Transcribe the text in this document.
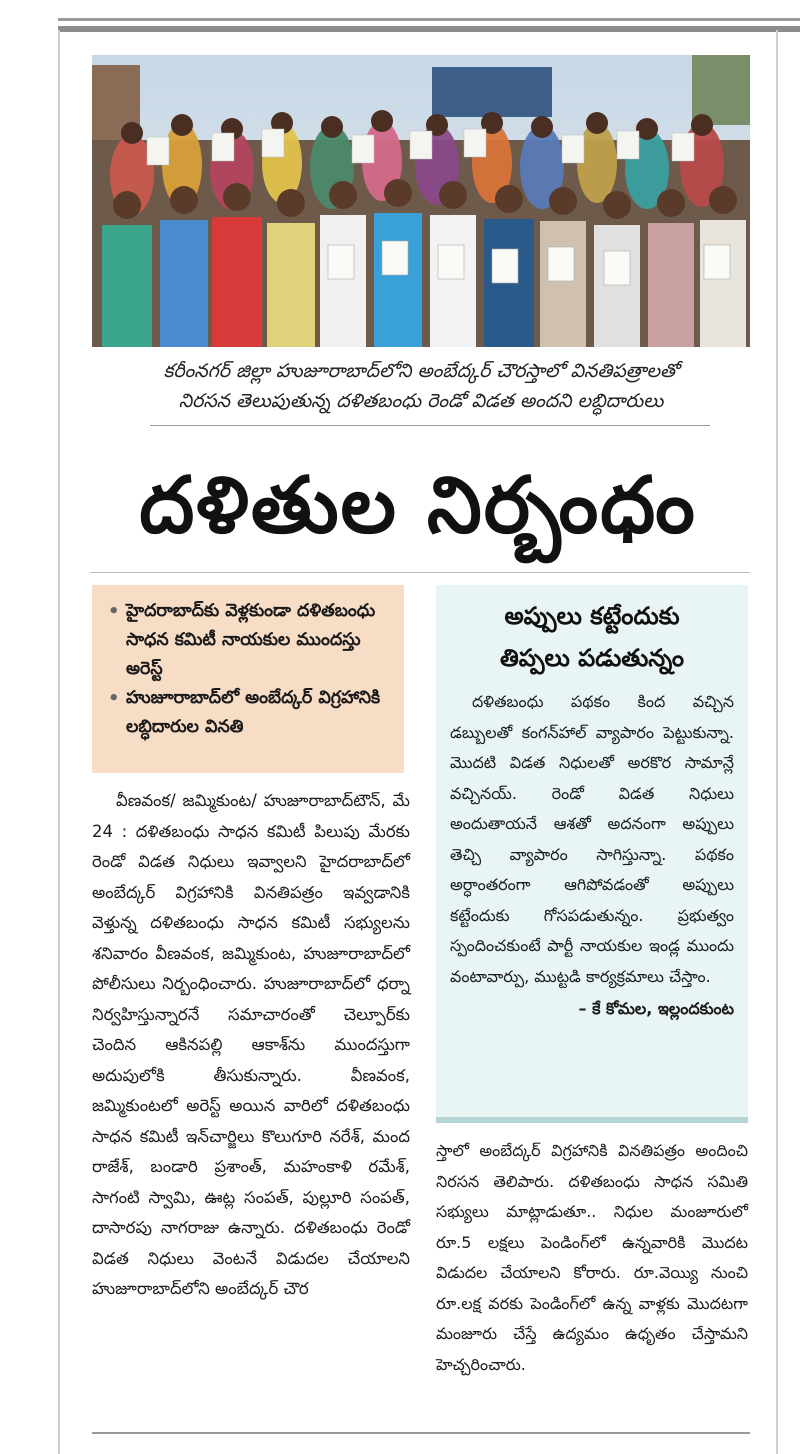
కరీంనగర్ జిల్లా హుజూరాబాద్‌లోని అంబేద్కర్ చౌరస్తాలో వినతిపత్రాలతో
నిరసన తెలుపుతున్న దళితబంధు రెండో విడత అందని లబ్ధిదారులు
దళితుల నిర్బంధం
• హైదరాబాద్‌కు వెళ్లకుండా దళితబంధు సాధన కమిటీ నాయకుల ముందస్తు అరెస్ట్
• హుజూరాబాద్‌లో అంబేద్కర్ విగ్రహానికి లబ్ధిదారుల వినతి

వీణవంక/ జమ్మికుంట/ హుజూరాబాద్‌టౌన్, మే 24 : దళితబంధు సాధన కమిటీ పిలుపు మేరకు రెండో విడత నిధులు ఇవ్వాలని హైదరాబాద్‌లో అంబేద్కర్ విగ్రహానికి వినతిపత్రం ఇవ్వడానికి వెళ్తున్న దళితబంధు సాధన కమిటీ సభ్యులను శనివారం వీణవంక, జమ్మికుంట, హుజూరాబాద్‌లో పోలీసులు నిర్బంధించారు. హుజూరాబాద్‌లో ధర్నా నిర్వహిస్తున్నారనే సమాచారంతో చెల్పూర్‌కు చెందిన ఆకినపల్లి ఆకాశ్‌ను ముందస్తుగా అదుపులోకి తీసుకున్నారు. వీణవంక, జమ్మికుంటలో అరెస్ట్ అయిన వారిలో దళితబంధు సాధన కమిటీ ఇన్‌చార్జిలు కొలుగూరి నరేశ్, మంద రాజేశ్, బండారి ప్రశాంత్, మహంకాళి రమేశ్, సాగంటి స్వామి, ఊట్ల సంపత్, పుల్లూరి సంపత్, దాసారపు నాగరాజు ఉన్నారు. దళితబంధు రెండో విడత నిధులు వెంటనే విడుదల చేయాలని హుజూరాబాద్‌లోని అంబేద్కర్ చౌర

అప్పులు కట్టేందుకు
తిప్పలు పడుతున్నం

దళితబంధు పథకం కింద వచ్చిన డబ్బులతో కంగన్‌హాల్ వ్యాపారం పెట్టుకున్నా. మొదటి విడత నిధులతో అరకొర సామాన్లే వచ్చినయ్. రెండో విడత నిధులు అందుతాయనే ఆశతో అదనంగా అప్పులు తెచ్చి వ్యాపారం సాగిస్తున్నా. పథకం అర్ధాంతరంగా ఆగిపోవడంతో అప్పులు కట్టేందుకు గోసపడుతున్నం. ప్రభుత్వం స్పందించకుంటే పార్టీ నాయకుల ఇండ్ల ముందు వంటావార్పు, ముట్టడి కార్యక్రమాలు చేస్తాం.

– కే కోమల, ఇల్లందకుంట

స్తాలో అంబేద్కర్ విగ్రహానికి వినతిపత్రం అందించి నిరసన తెలిపారు. దళితబంధు సాధన సమితి సభ్యులు మాట్లాడుతూ.. నిధుల మంజూరులో రూ.5 లక్షలు పెండింగ్‌లో ఉన్నవారికి మొదట విడుదల చేయాలని కోరారు. రూ.వెయ్యి నుంచి రూ.లక్ష వరకు పెండింగ్‌లో ఉన్న వాళ్లకు మొదటగా మంజూరు చేస్తే ఉద్యమం ఉధృతం చేస్తామని హెచ్చరించారు.
